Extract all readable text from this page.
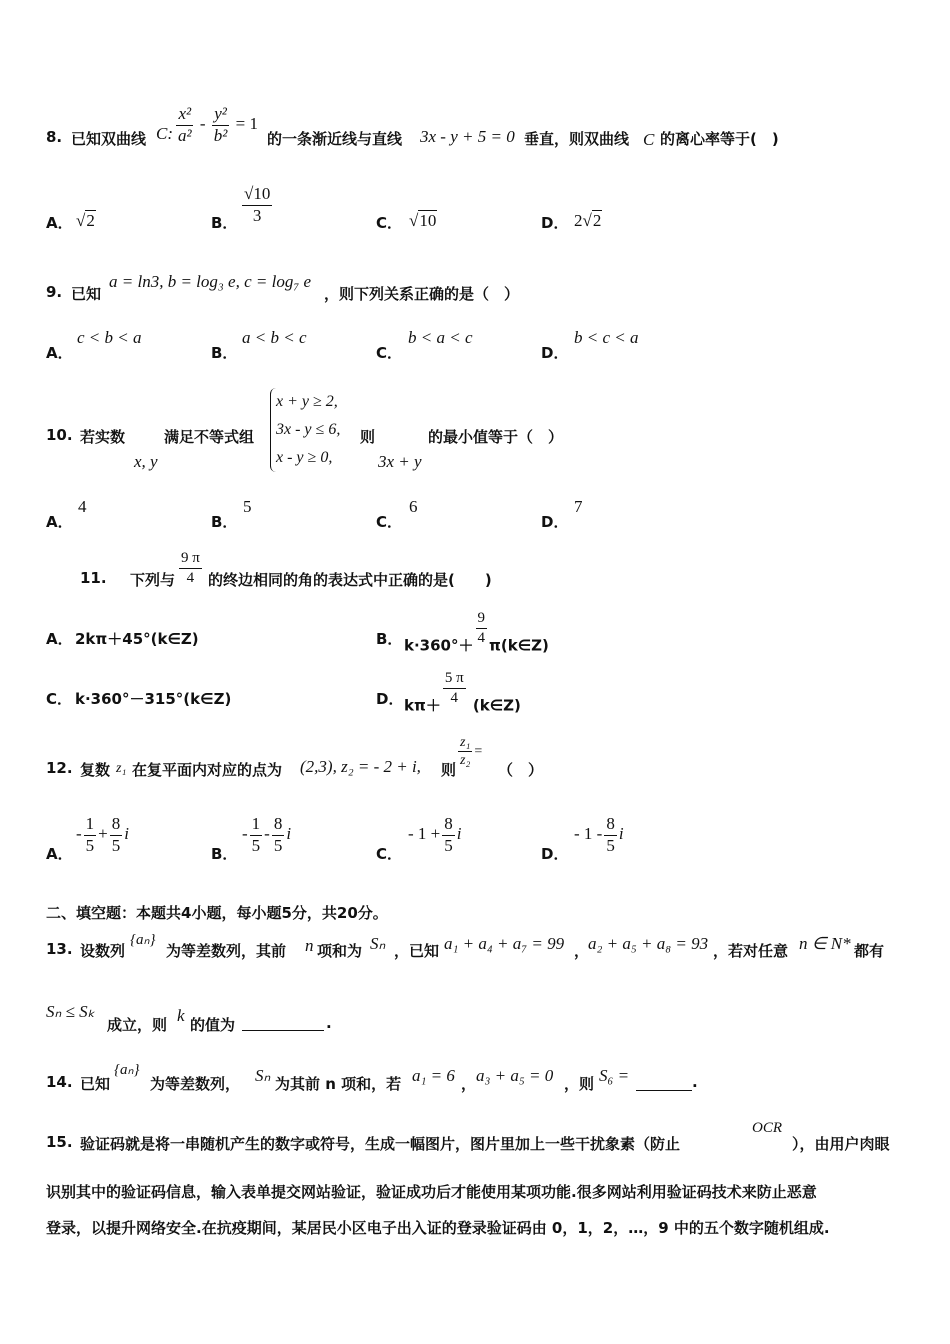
8. 已知双曲线 C: $\frac{\text{x²}}{\text{a²}} - \frac{\text{y²}}{\text{b²}} = 1$
的一条渐近线与直线 3x - y + 5 = 0 垂直，则双曲线 C 的离心率等于(　)
A． √2	B． $\frac{√10}{3}$	C． √10	D． 2√2
9. 已知
a = ln3, b = log₃ e, c = log₇ e
，则下列关系正确的是（　）
A．
c < b < a
B．
a < b < c
C．
b < a < c
D．
b < c < a
10. 若实数
x, y
满足不等式组
x + y ≥ 2,
3x - y ≤ 6,
x - y ≥ 0,
则
3x + y
的最小值等于（　）
A．
4
B．
5
C．
6
D．
7
11. 下列与 $\frac{9 \pi}{4}$ 的终边相同的角的表达式中正确的是(　　)
A． 2kπ＋45°(k∈Z)	B． $k\cdot 360^\circ+ \frac{9}{4}$ π(k∈Z)
C． k·360°－315°(k∈Z)	D． $k\pi+ \frac{5 \pi}{4}$ (k∈Z)
12. 复数 z₁ 在复平面内对应的点为 (2,3), z₂ = - 2 + i, 则
$\frac{\text{z₁}}{\text{z₂}}$ =
（　）
A．
- $\frac{1}{5} + \frac{8}{5}$ i
B．
- $\frac{1}{5} - \frac{8}{5}$ i
C．
- $1 + \frac{8}{5}$ i
D．
- $1 - \frac{8}{5}$ i
二、填空题：本题共4小题，每小题5分，共20分。
13. 设数列
{aₙ}
为等差数列，其前 n 项和为 Sₙ ，已知 a₁ + a₄ + a₇ = 99 ，
a₂ + a₅ + a₈ = 93 ，若对任意 n ∈ N* 都有
Sₙ ≤ Sₖ
成立，则 k 的值为	.
14. 已知
{aₙ}
为等差数列， Sₙ 为其前 n 项和，若 a₁ = 6 ， a₃ + a₅ = 0 ，则 S₆ =	.
15. 验证码就是将一串随机产生的数字或符号，生成一幅图片，图片里加上一些干扰象素（防止
OCR
），由用户肉眼
识别其中的验证码信息，输入表单提交网站验证，验证成功后才能使用某项功能.很多网站利用验证码技术来防止恶意
登录，以提升网络安全.在抗疫期间，某居民小区电子出入证的登录验证码由 0，1，2，…，9 中的五个数字随机组成.
